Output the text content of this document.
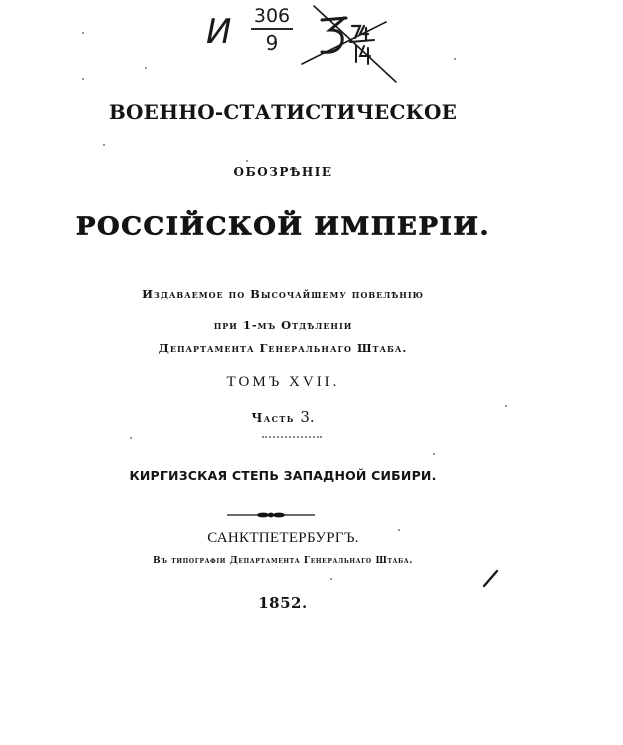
И	306
9
ВОЕННО-СТАТИСТИЧЕСКОЕ
ОБОЗРѢНІЕ
РОССІЙСКОЙ ИМПЕРІИ.
Издаваемое по Высочайшему повелѣнію
при 1-мъ Отдѣленіи
Департамента Генеральнаго Штаба.
ТОМЪ XVII.
Часть 3.
КИРГИЗСКАЯ СТЕПЬ ЗАПАДНОЙ СИБИРИ.
САНКТПЕТЕРБУРГЪ.
Въ типографіи Департамента Генеральнаго Штаба.
1852.
